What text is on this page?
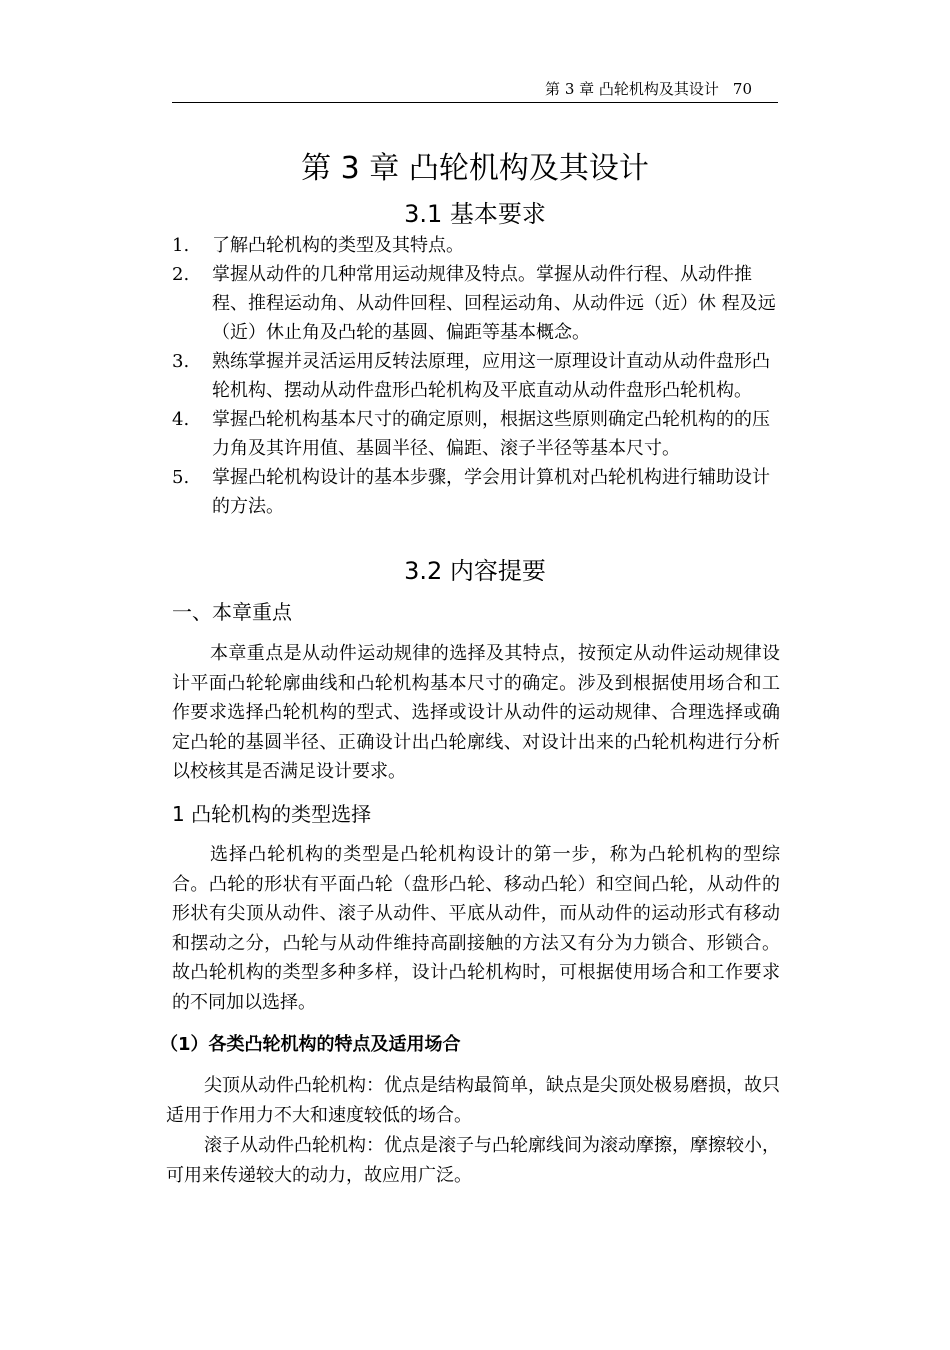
第 3 章 凸轮机构及其设计 70
第 3 章 凸轮机构及其设计
3.1 基本要求
1. 了解凸轮机构的类型及其特点。
2. 掌握从动件的几种常用运动规律及特点。掌握从动件行程、从动件推程、推程运动角、从动件回程、回程运动角、从动件远（近）休 程及远（近）休止角及凸轮的基圆、偏距等基本概念。
3. 熟练掌握并灵活运用反转法原理，应用这一原理设计直动从动件盘形凸轮机构、摆动从动件盘形凸轮机构及平底直动从动件盘形凸轮机构。
4. 掌握凸轮机构基本尺寸的确定原则，根据这些原则确定凸轮机构的的压力角及其许用值、基圆半径、偏距、滚子半径等基本尺寸。
5. 掌握凸轮机构设计的基本步骤，学会用计算机对凸轮机构进行辅助设计的方法。
3.2 内容提要
一、本章重点
本章重点是从动件运动规律的选择及其特点，按预定从动件运动规律设计平面凸轮轮廓曲线和凸轮机构基本尺寸的确定。涉及到根据使用场合和工作要求选择凸轮机构的型式、选择或设计从动件的运动规律、合理选择或确定凸轮的基圆半径、正确设计出凸轮廓线、对设计出来的凸轮机构进行分析以校核其是否满足设计要求。
1 凸轮机构的类型选择
选择凸轮机构的类型是凸轮机构设计的第一步，称为凸轮机构的型综合。凸轮的形状有平面凸轮（盘形凸轮、移动凸轮）和空间凸轮，从动件的形状有尖顶从动件、滚子从动件、平底从动件，而从动件的运动形式有移动和摆动之分，凸轮与从动件维持高副接触的方法又有分为力锁合、形锁合。故凸轮机构的类型多种多样，设计凸轮机构时，可根据使用场合和工作要求的不同加以选择。
（1）各类凸轮机构的特点及适用场合
尖顶从动件凸轮机构：优点是结构最简单，缺点是尖顶处极易磨损，故只适用于作用力不大和速度较低的场合。
滚子从动件凸轮机构：优点是滚子与凸轮廓线间为滚动摩擦，摩擦较小，可用来传递较大的动力，故应用广泛。
